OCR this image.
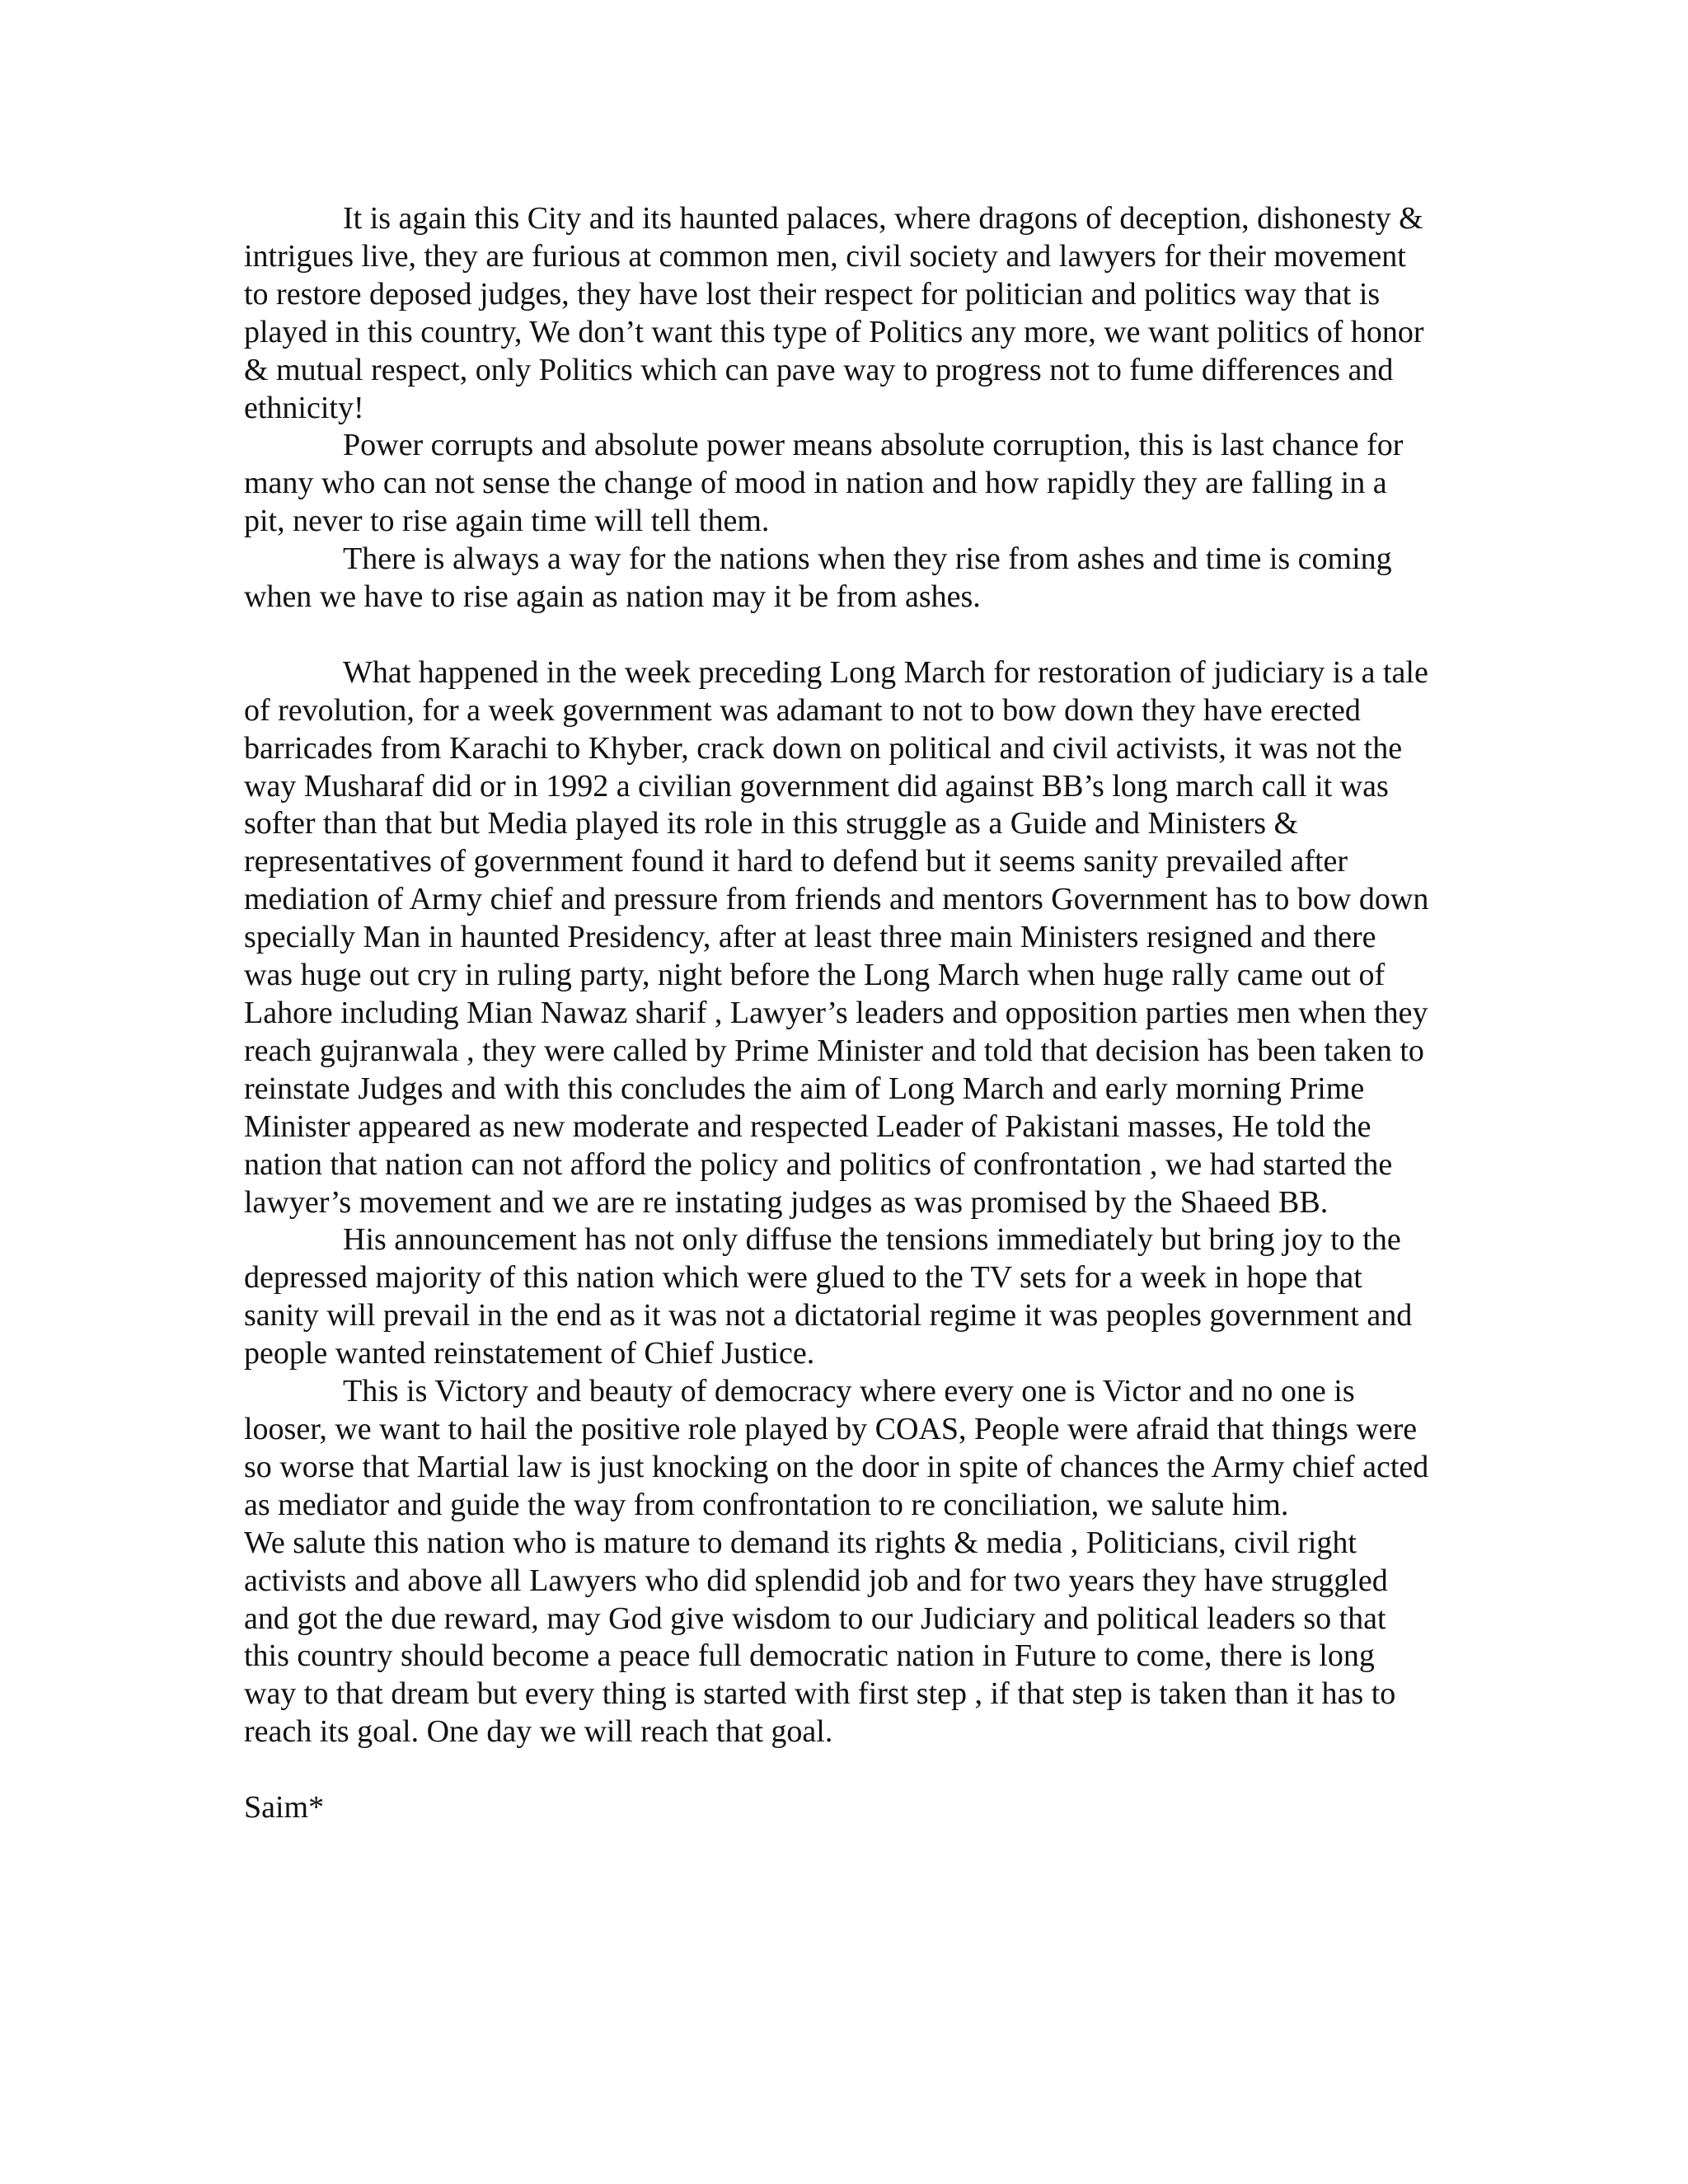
It is again this City and its haunted palaces, where dragons of deception, dishonesty & intrigues live, they are furious at common men, civil society and lawyers for their movement to restore deposed judges, they have lost their respect for politician and politics way that is played in this country, We don’t want this type of Politics any more, we want politics of honor & mutual respect, only Politics which can pave way to progress not to fume differences and ethnicity!

Power corrupts and absolute power means absolute corruption, this is last chance for many who can not sense the change of mood in nation and how rapidly they are falling in a pit, never to rise again time will tell them.

There is always a way for the nations when they rise from ashes and time is coming when we have to rise again as nation may it be from ashes.

What happened in the week preceding Long March for restoration of judiciary is a tale of revolution, for a week government was adamant to not to bow down they have erected barricades from Karachi to Khyber, crack down on political and civil activists, it was not the way Musharaf did or in 1992 a civilian government did against BB’s long march call it was softer than that but Media played its role in this struggle as a Guide and Ministers & representatives of government found it hard to defend but it seems sanity prevailed after mediation of Army chief and pressure from friends and mentors Government has to bow down specially Man in haunted Presidency, after at least three main Ministers resigned and there was huge out cry in ruling party, night before the Long March when huge rally came out of Lahore including Mian Nawaz sharif , Lawyer’s leaders and opposition parties men when they reach gujranwala , they were called by Prime Minister and told that decision has been taken to reinstate Judges and with this concludes the aim of Long March and early morning Prime Minister appeared as new moderate and respected Leader of Pakistani masses, He told the nation that nation can not afford the policy and politics of confrontation , we had started the lawyer’s movement and we are re instating judges as was promised by the Shaeed BB.

His announcement has not only diffuse the tensions immediately but bring joy to the depressed majority of this nation which were glued to the TV sets for a week in hope that sanity will prevail in the end as it was not a dictatorial regime it was peoples government and people wanted reinstatement of Chief Justice.

This is Victory and beauty of democracy where every one is Victor and no one is looser, we want to hail the positive role played by COAS, People were afraid that things were so worse that Martial law is just knocking on the door in spite of chances the Army chief acted as mediator and guide the way from confrontation to re conciliation, we salute him.

We salute this nation who is mature to demand its rights & media , Politicians, civil right activists and above all Lawyers who did splendid job and for two years they have struggled and got the due reward, may God give wisdom to our Judiciary and political leaders so that this country should become a peace full democratic nation in Future to come, there is long way to that dream but every thing is started with first step , if that step is taken than it has to reach its goal. One day we will reach that goal.

Saim*
